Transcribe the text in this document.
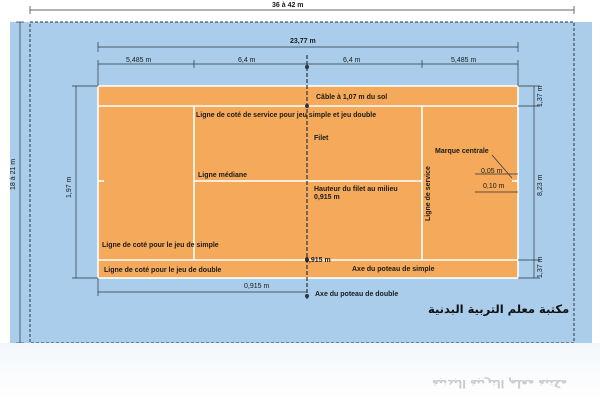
36 à 42 m
23,77 m
5,485 m	6,4 m	6,4 m	5,485 m
18 à 21 m	1,97 m
1,37 m
8,23 m
1,37 m
0,915 m
Câble à 1,07 m du sol
Ligne de coté de service pour jeu simple et jeu double
Filet
Ligne médiane
Hauteur du filet au milieu 0,915 m
Marque centrale
0,05 m
0,10 m
Ligne de service
Ligne de coté pour le jeu de simple
Ligne de coté pour le jeu de double
0,915 m
Axe du poteau de simple
Axe du poteau de double
مكتبة معلم التربية البدنية
مكتبة معلم التربية البدنية
